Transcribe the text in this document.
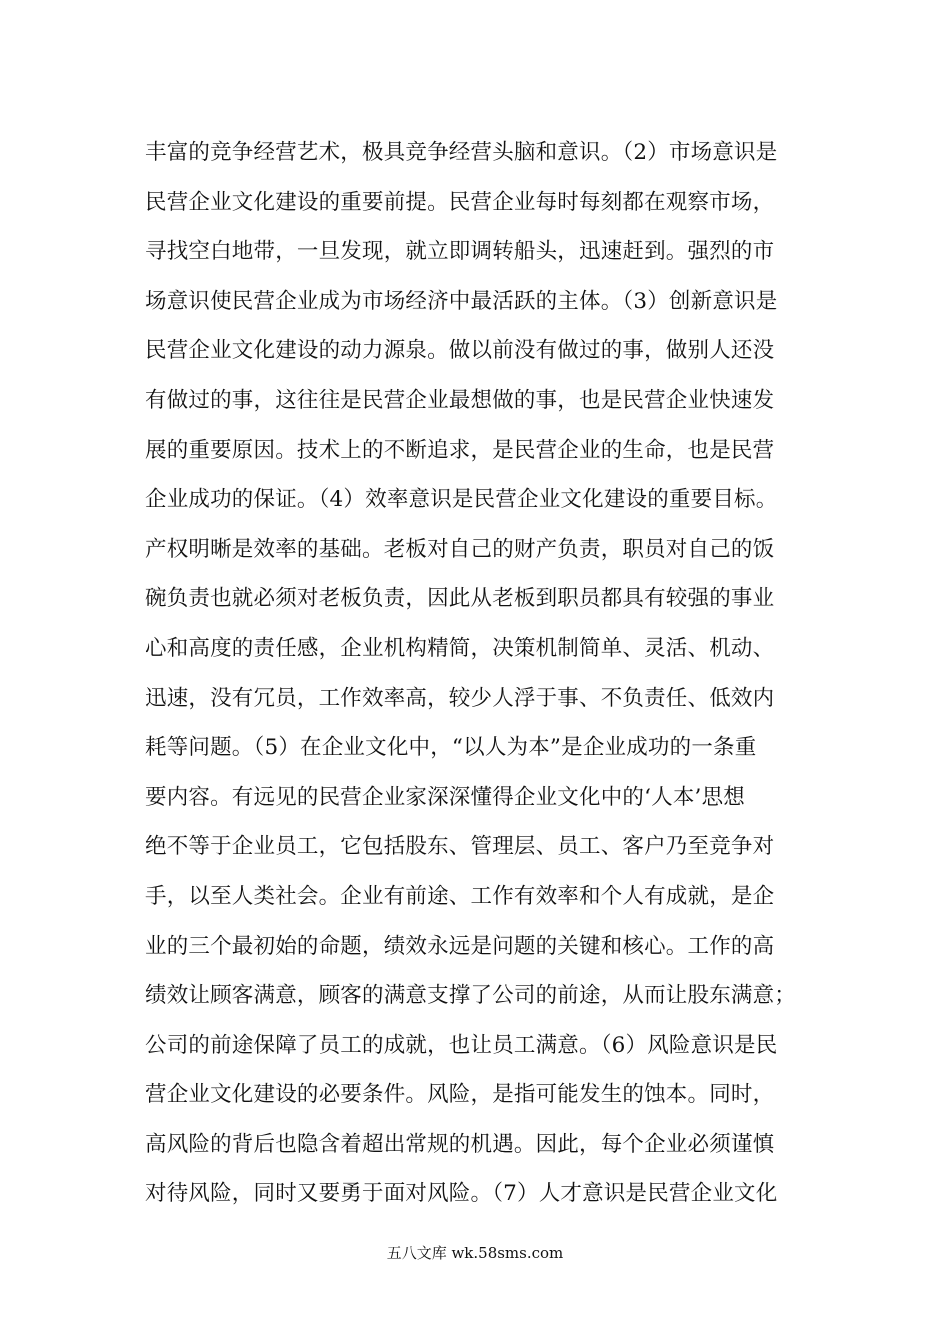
丰富的竞争经营艺术，极具竞争经营头脑和意识。（2）市场意识是
民营企业文化建设的重要前提。民营企业每时每刻都在观察市场，
寻找空白地带，一旦发现，就立即调转船头，迅速赶到。强烈的市
场意识使民营企业成为市场经济中最活跃的主体。（3）创新意识是
民营企业文化建设的动力源泉。做以前没有做过的事，做别人还没
有做过的事，这往往是民营企业最想做的事，也是民营企业快速发
展的重要原因。技术上的不断追求，是民营企业的生命，也是民营
企业成功的保证。（4）效率意识是民营企业文化建设的重要目标。
产权明晰是效率的基础。老板对自己的财产负责，职员对自己的饭
碗负责也就必须对老板负责，因此从老板到职员都具有较强的事业
心和高度的责任感，企业机构精简，决策机制简单、灵活、机动、
迅速，没有冗员，工作效率高，较少人浮于事、不负责任、低效内
耗等问题。（5）在企业文化中，“以人为本”是企业成功的一条重
要内容。有远见的民营企业家深深懂得企业文化中的‘人本’思想
绝不等于企业员工，它包括股东、管理层、员工、客户乃至竞争对
手，以至人类社会。企业有前途、工作有效率和个人有成就，是企
业的三个最初始的命题，绩效永远是问题的关键和核心。工作的高
绩效让顾客满意，顾客的满意支撑了公司的前途，从而让股东满意；
公司的前途保障了员工的成就，也让员工满意。（6）风险意识是民
营企业文化建设的必要条件。风险，是指可能发生的蚀本。同时，
高风险的背后也隐含着超出常规的机遇。因此，每个企业必须谨慎
对待风险，同时又要勇于面对风险。（7）人才意识是民营企业文化
五八文库 wk.58sms.com
